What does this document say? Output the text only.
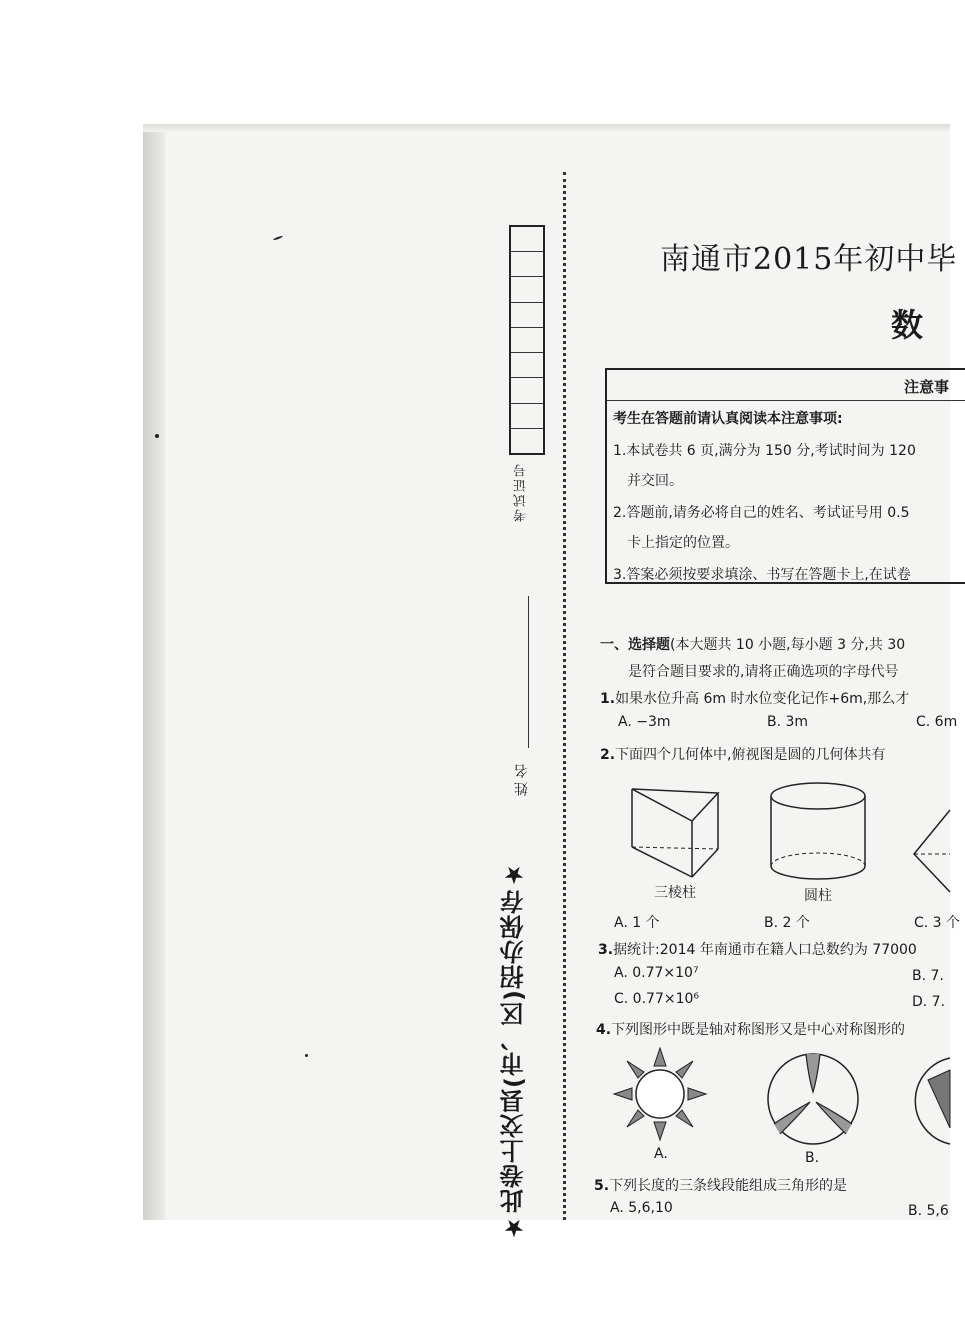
考试证号
姓名
★此卷上交县(市、区)招办保存★
南通市2015年初中毕
数
注意事
考生在答题前请认真阅读本注意事项:
1.本试卷共 6 页,满分为 150 分,考试时间为 120
并交回。
2.答题前,请务必将自己的姓名、考试证号用 0.5
卡上指定的位置。
3.答案必须按要求填涂、书写在答题卡上,在试卷
一、选择题(本大题共 10 小题,每小题 3 分,共 30
是符合题目要求的,请将正确选项的字母代号
1.如果水位升高 6m 时水位变化记作+6m,那么才
A. −3m	B. 3m	C. 6m
2.下面四个几何体中,俯视图是圆的几何体共有
三棱柱	圆柱
A. 1 个	B. 2 个	C. 3 个
3.据统计:2014 年南通市在籍人口总数约为 77000
A. 0.77×10⁷	B. 7.
C. 0.77×10⁶	D. 7.
4.下列图形中既是轴对称图形又是中心对称图形的
A.	B.
5.下列长度的三条线段能组成三角形的是
A. 5,6,10	B. 5,6
